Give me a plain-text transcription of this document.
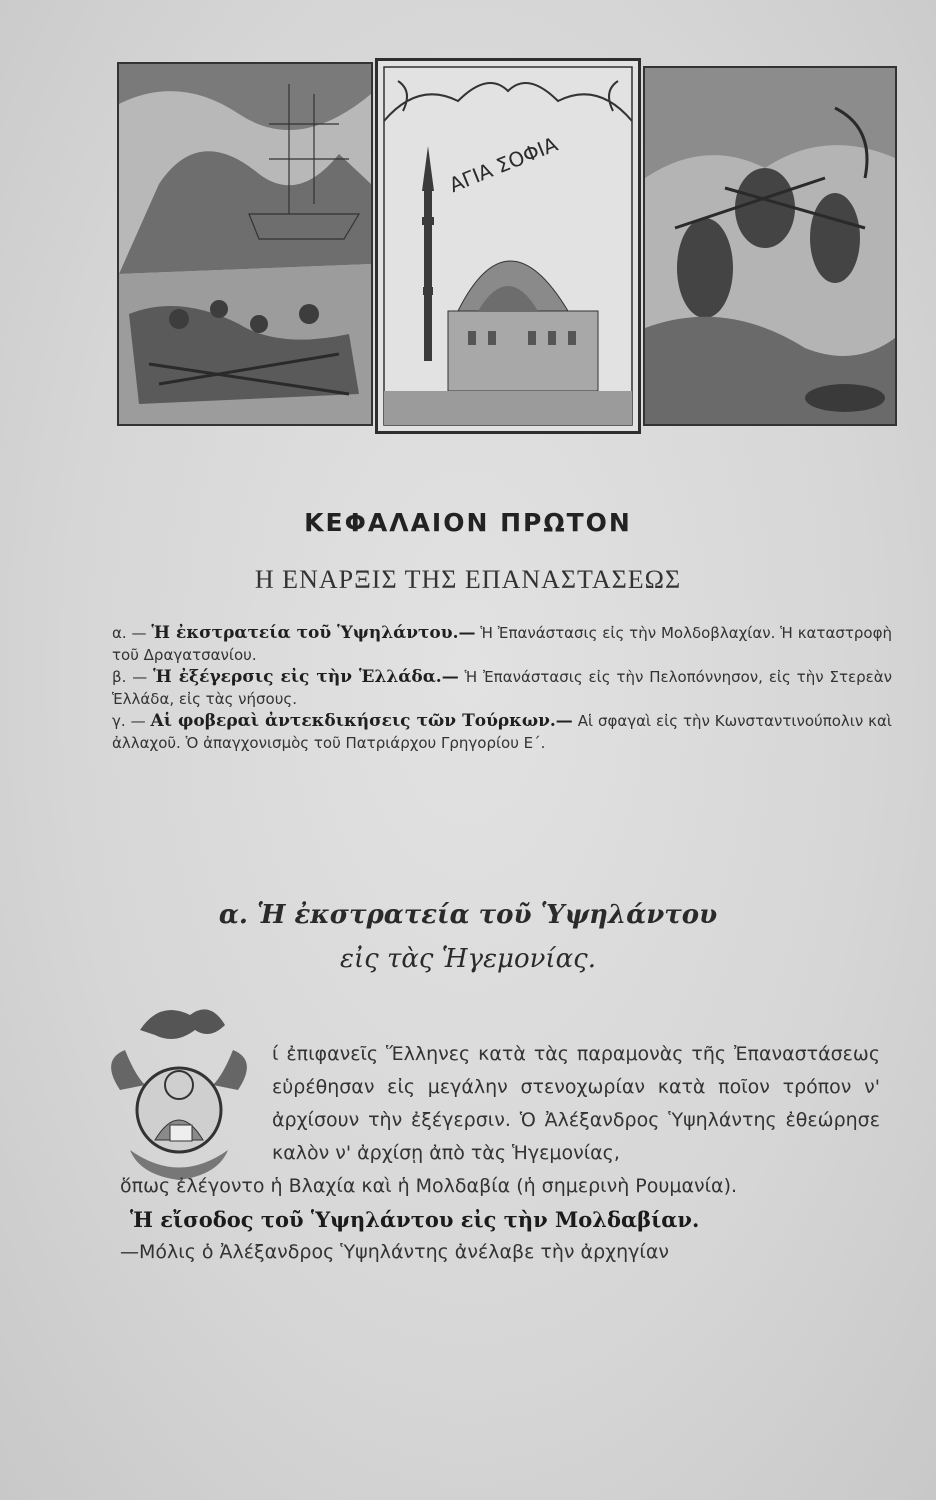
ΑΓΙΑ ΣΟΦΙΑ
ΚΕΦΑΛΑΙΟΝ ΠΡΩΤΟΝ
Η ΕΝΑΡΞΙΣ ΤΗΣ ΕΠΑΝΑΣΤΑΣΕΩΣ

α. — Ἡ ἐκστρατεία τοῦ Ὑψηλάντου.— Ἡ Ἐπανάστασις εἰς τὴν Μολδοβλαχίαν. Ἡ καταστροφὴ τοῦ Δραγατσανίου.

β. — Ἡ ἐξέγερσις εἰς τὴν Ἑλλάδα.— Ἡ Ἐπανάστασις εἰς τὴν Πελοπόννησον, εἰς τὴν Στερεὰν Ἑλλάδα, εἰς τὰς νήσους.

γ. — Αἱ φοβεραὶ ἀντεκδικήσεις τῶν Τούρκων.— Αἱ σφαγαὶ εἰς τὴν Κωνσταντινούπολιν καὶ ἀλλαχοῦ. Ὁ ἀπαγχονισμὸς τοῦ Πατριάρχου Γρηγορίου Ε΄.

α. Ἡ ἐκστρατεία τοῦ Ὑψηλάντου
εἰς τὰς Ἡγεμονίας.

ί ἐπιφανεῖς Ἕλληνες κατὰ τὰς παραμονὰς τῆς Ἐπαναστάσεως εὑρέθησαν εἰς μεγάλην στενοχωρίαν κατὰ ποῖον τρόπον ν' ἀρχίσουν τὴν ἐξέγερσιν. Ὁ Ἀλέξανδρος Ὑψηλάντης ἐθεώρησε καλὸν ν' ἀρχίσῃ ἀπὸ τὰς Ἡγεμονίας,

ὅπως ἐλέγοντο ἡ Βλαχία καὶ ἡ Μολδαβία (ἡ σημερινὴ Ρουμανία).

Ἡ εἴσοδος τοῦ Ὑψηλάντου εἰς τὴν Μολδαβίαν.

—Μόλις ὁ Ἀλέξανδρος Ὑψηλάντης ἀνέλαβε τὴν ἀρχηγίαν
